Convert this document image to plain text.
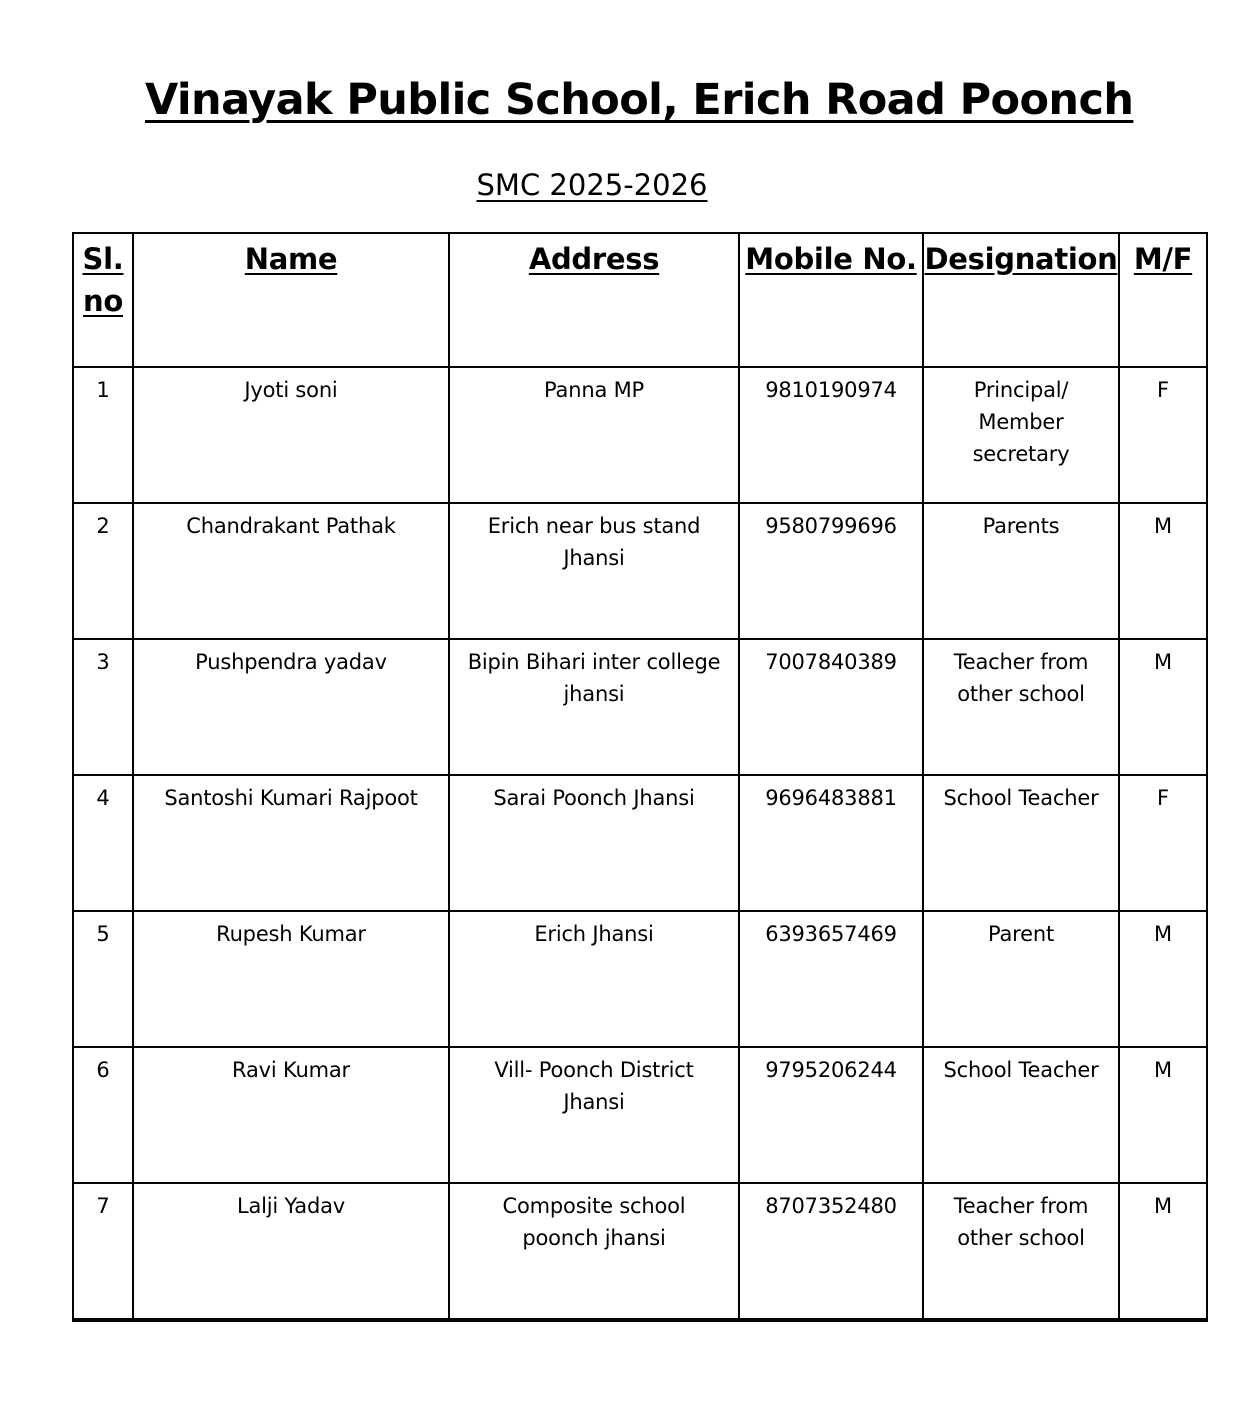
Vinayak Public School, Erich Road Poonch
SMC 2025-2026
Sl.
no	Name	Address	Mobile No.	Designation	M/F

1	Jyoti soni	Panna MP	9810190974	Principal/
Member
secretary	F

2	Chandrakant Pathak	Erich near bus stand
Jhansi	9580799696	Parents	M

3	Pushpendra yadav	Bipin Bihari inter college
jhansi	7007840389	Teacher from
other school	M

4	Santoshi Kumari Rajpoot	Sarai Poonch Jhansi	9696483881	School Teacher	F

5	Rupesh Kumar	Erich Jhansi	6393657469	Parent	M

6	Ravi Kumar	Vill- Poonch District
Jhansi	9795206244	School Teacher	M

7	Lalji Yadav	Composite school
poonch jhansi	8707352480	Teacher from
other school	M
